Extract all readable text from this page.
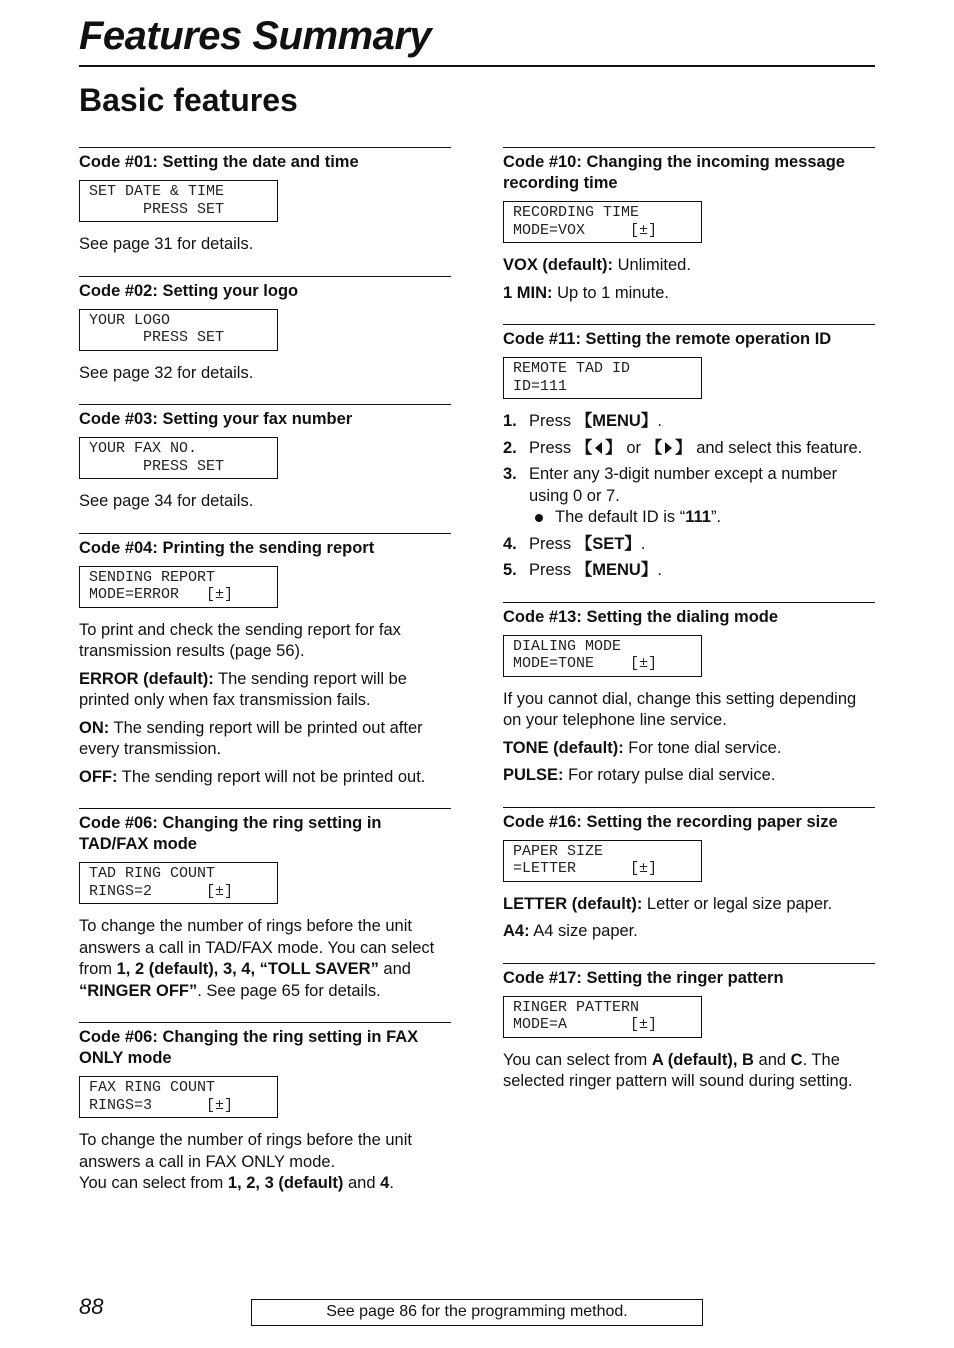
Features Summary
Basic features
Code #01: Setting the date and time
SET DATE & TIME
PRESS SET

See page 31 for details.

Code #02: Setting your logo
YOUR LOGO
PRESS SET

See page 32 for details.

Code #03: Setting your fax number
YOUR FAX NO.
PRESS SET

See page 34 for details.

Code #04: Printing the sending report
SENDING REPORT
MODE=ERROR   [±]

To print and check the sending report for fax transmission results (page 56).

ERROR (default): The sending report will be printed only when fax transmission fails.

ON: The sending report will be printed out after every transmission.

OFF: The sending report will not be printed out.

Code #06: Changing the ring setting in TAD/FAX mode
TAD RING COUNT
RINGS=2      [±]

To change the number of rings before the unit answers a call in TAD/FAX mode. You can select from 1, 2 (default), 3, 4, “TOLL SAVER” and “RINGER OFF”. See page 65 for details.

Code #06: Changing the ring setting in FAX ONLY mode
FAX RING COUNT
RINGS=3      [±]

To change the number of rings before the unit answers a call in FAX ONLY mode.
You can select from 1, 2, 3 (default) and 4.

Code #10: Changing the incoming message recording time
RECORDING TIME
MODE=VOX     [±]

VOX (default): Unlimited.

1 MIN: Up to 1 minute.

Code #11: Setting the remote operation ID
REMOTE TAD ID
ID=111
1. Press 【MENU】.
2. Press 【 】 or 【 】 and select this feature.
3. Enter any 3-digit number except a number using 0 or 7.
The default ID is “111”.
4. Press 【SET】.
5. Press 【MENU】.
Code #13: Setting the dialing mode
DIALING MODE
MODE=TONE    [±]

If you cannot dial, change this setting depending on your telephone line service.

TONE (default): For tone dial service.

PULSE: For rotary pulse dial service.

Code #16: Setting the recording paper size
PAPER SIZE
=LETTER      [±]

LETTER (default): Letter or legal size paper.

A4: A4 size paper.

Code #17: Setting the ringer pattern
RINGER PATTERN
MODE=A       [±]

You can select from A (default), B and C. The selected ringer pattern will sound during setting.

88	See page 86 for the programming method.
